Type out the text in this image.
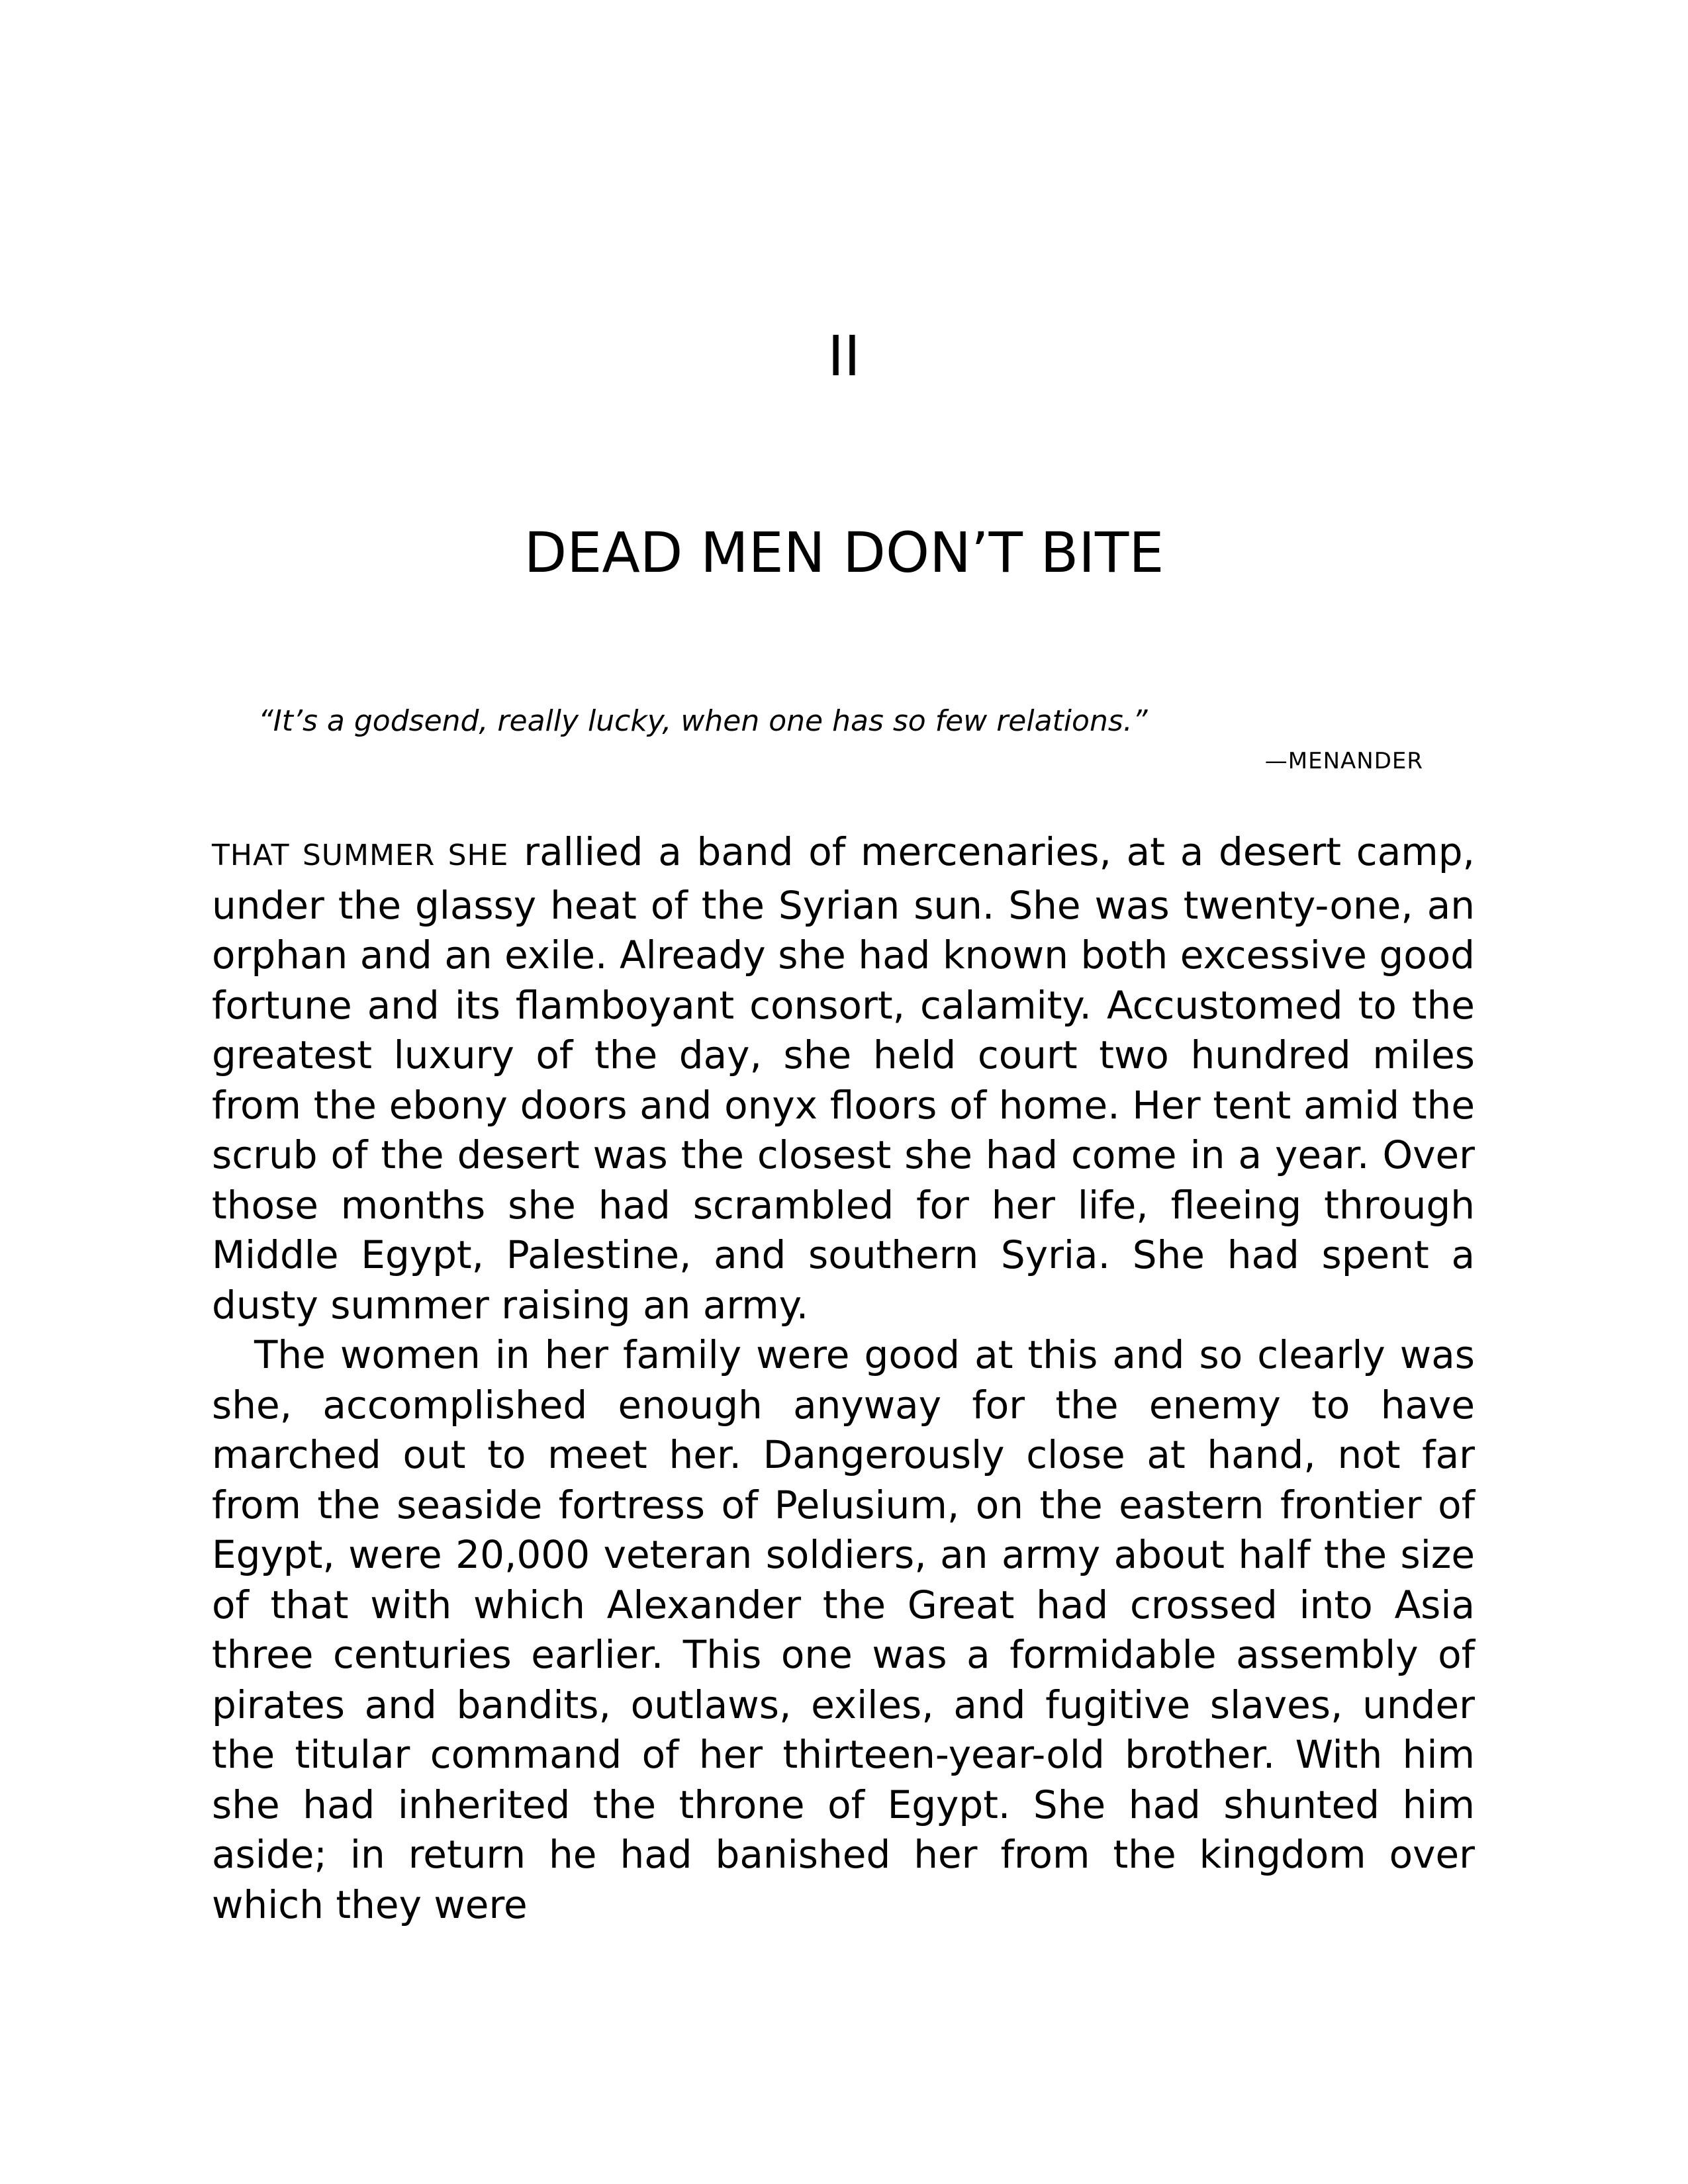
II
DEAD MEN DON’T BITE

“It’s a godsend, really lucky, when one has so few relations.”

—MENANDER

THAT SUMMER SHE rallied a band of mercenaries, at a desert camp, under the glassy heat of the Syrian sun. She was twenty-one, an orphan and an exile. Already she had known both excessive good fortune and its flamboyant consort, calamity. Accustomed to the greatest luxury of the day, she held court two hundred miles from the ebony doors and onyx floors of home. Her tent amid the scrub of the desert was the closest she had come in a year. Over those months she had scrambled for her life, fleeing through Middle Egypt, Palestine, and southern Syria. She had spent a dusty summer raising an army.

The women in her family were good at this and so clearly was she, accomplished enough anyway for the enemy to have marched out to meet her. Dangerously close at hand, not far from the seaside fortress of Pelusium, on the eastern frontier of Egypt, were 20,000 veteran soldiers, an army about half the size of that with which Alexander the Great had crossed into Asia three centuries earlier. This one was a formidable assembly of pirates and bandits, outlaws, exiles, and fugitive slaves, under the titular command of her thirteen-year-old brother. With him she had inherited the throne of Egypt. She had shunted him aside; in return he had banished her from the kingdom over which they were
